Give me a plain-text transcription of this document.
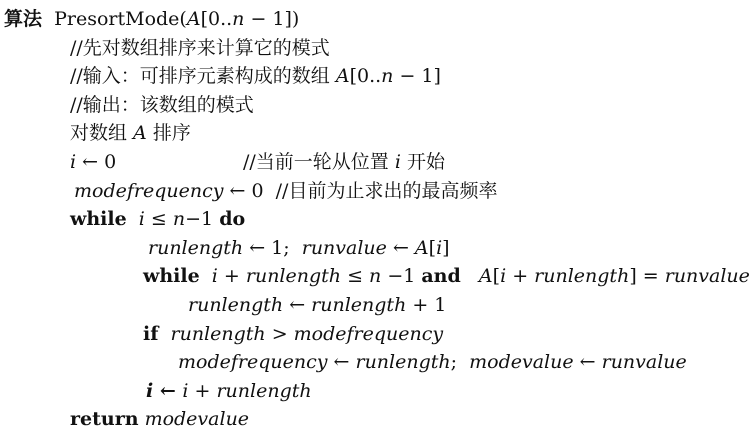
算法  PresortMode(A[0..n − 1])
//先对数组排序来计算它的模式
//输入：可排序元素构成的数组 A[0..n − 1]
//输出：该数组的模式
对数组 A 排序
i ← 0                     //当前一轮从位置 i 开始
modefrequency ← 0  //目前为止求出的最高频率
while i ≤ n−1 do
runlength ← 1;  runvalue ← A[i]
while i + runlength ≤ n −1 and A[i + runlength] = runvalue
runlength ← runlength + 1
if runlength > modefrequency
modefrequency ← runlength;  modevalue ← runvalue
i ← i + runlength
return modevalue
